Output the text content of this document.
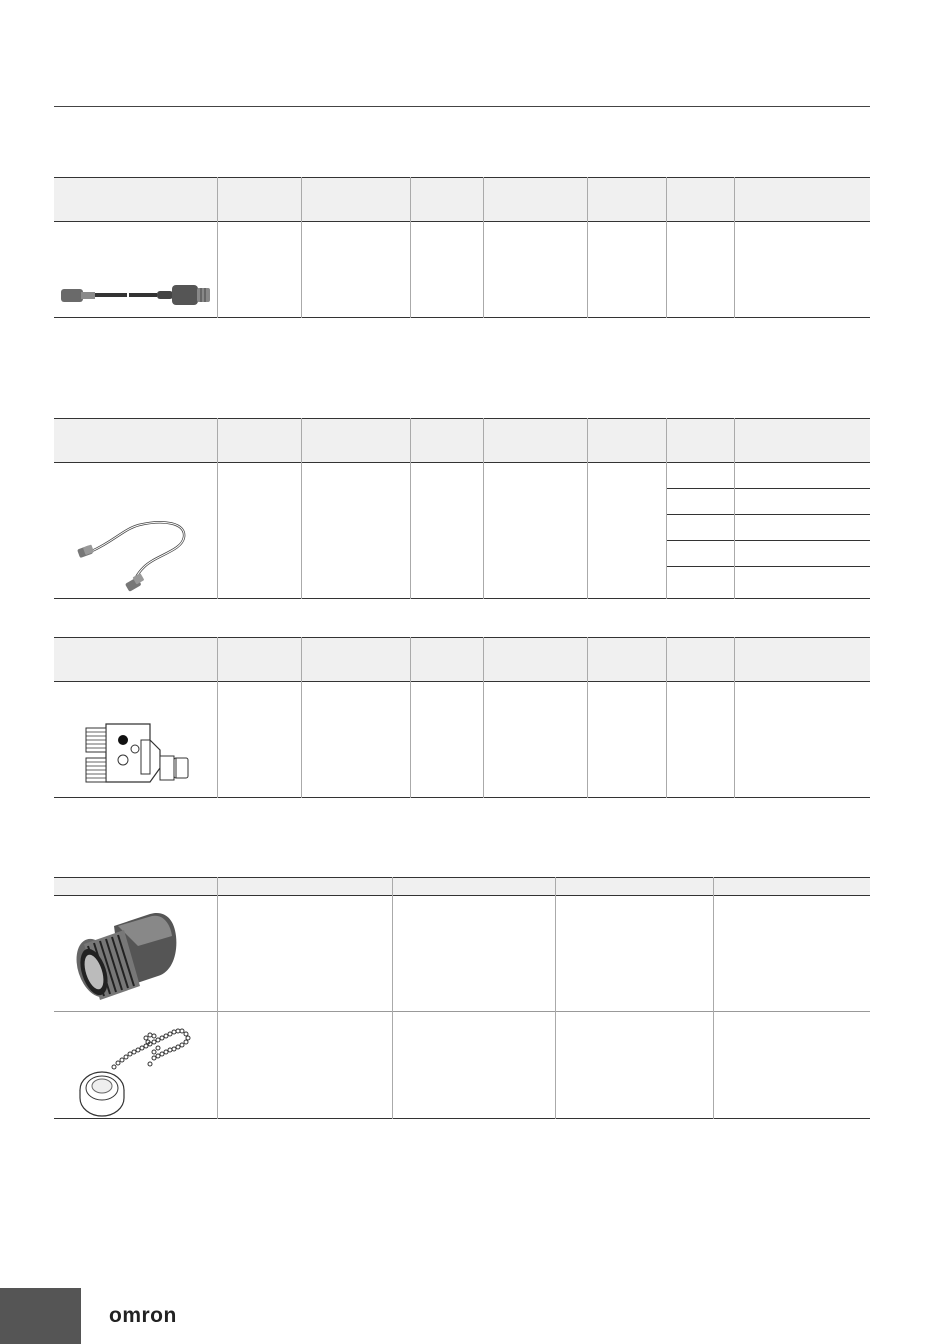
omron
